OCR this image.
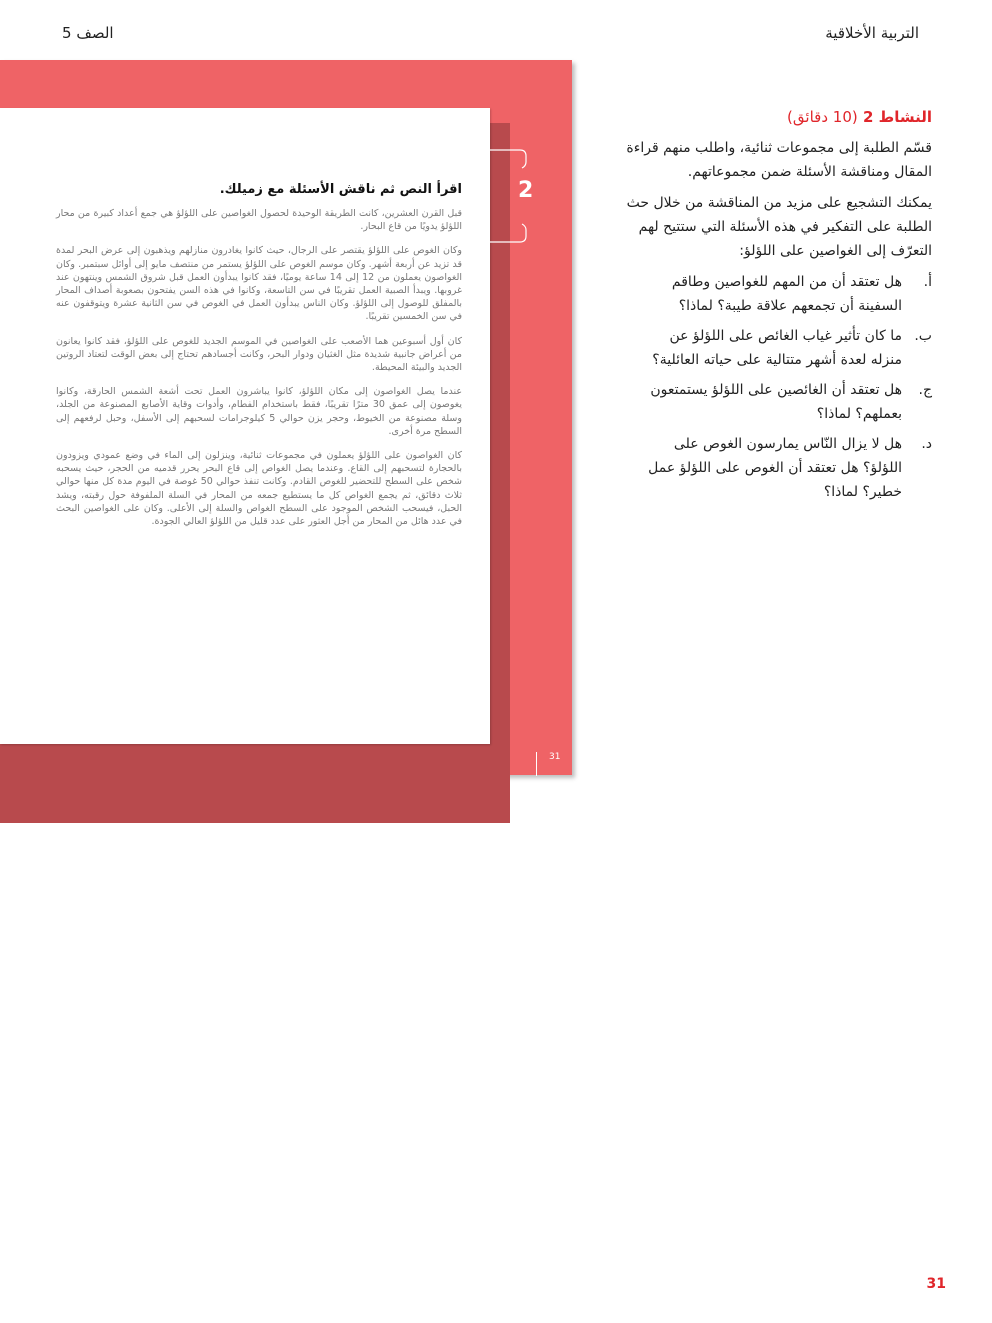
التربية الأخلاقية
الصف 5

اقرأ النص ثم ناقش الأسئلة مع زميلك.

قبل القرن العشرين، كانت الطريقة الوحيدة لحصول الغواصين على اللؤلؤ هي جمع أعداد كبيرة من محار اللؤلؤ يدويًا من قاع البحار.

وكان الغوص على اللؤلؤ يقتصر على الرجال، حيث كانوا يغادرون منازلهم ويذهبون إلى عرض البحر لمدة قد تزيد عن أربعة أشهر. وكان موسم الغوص على اللؤلؤ يستمر من منتصف مايو إلى أوائل سبتمبر. وكان الغواصون يعملون من 12 إلى 14 ساعة يوميًا، فقد كانوا يبدأون العمل قبل شروق الشمس وينتهون عند غروبها. ويبدأ الصبية العمل تقريبًا في سن التاسعة، وكانوا في هذه السن يفتحون بصعوبة أصداف المحار بالمفلق للوصول إلى اللؤلؤ. وكان الناس يبدأون العمل في الغوص في سن الثانية عشرة ويتوقفون عنه في سن الخمسين تقريبًا.

كان أول أسبوعين هما الأصعب على الغواصين في الموسم الجديد للغوص على اللؤلؤ، فقد كانوا يعانون من أعراض جانبية شديدة مثل الغثيان ودوار البحر، وكانت أجسادهم تحتاج إلى بعض الوقت لتعتاد الروتين الجديد والبيئة المحيطة.

عندما يصل الغواصون إلى مكان اللؤلؤ، كانوا يباشرون العمل تحت أشعة الشمس الحارقة، وكانوا يغوصون إلى عمق 30 مترًا تقريبًا، فقط باستخدام الفطام، وأدوات وقاية الأصابع المصنوعة من الجلد، وسلة مصنوعة من الخيوط، وحجر يزن حوالي 5 كيلوجرامات لسحبهم إلى الأسفل، وحبل لرفعهم إلى السطح مرة أخرى.

كان الغواصون على اللؤلؤ يعملون في مجموعات ثنائية، وينزلون إلى الماء في وضع عمودي ويزودون بالحجارة لتسحبهم إلى القاع. وعندما يصل الغواص إلى قاع البحر يحرر قدميه من الحجر، حيث يسحبه شخص على السطح للتحضير للغوص القادم. وكانت تنفذ حوالي 50 غوصة في اليوم مدة كل منها حوالي ثلاث دقائق، ثم يجمع الغواص كل ما يستطيع جمعه من المحار في السلة الملفوفة حول رقبته، ويشد الحبل، فيسحب الشخص الموجود على السطح الغواص والسلة إلى الأعلى. وكان على الغواصين البحث في عدد هائل من المحار من أجل العثور على عدد قليل من اللؤلؤ العالي الجودة.

2
31

النشاط 2 (10 دقائق)

قسّم الطلبة إلى مجموعات ثنائية، واطلب منهم قراءة المقال ومناقشة الأسئلة ضمن مجموعاتهم.

يمكنك التشجيع على مزيد من المناقشة من خلال حث الطلبة على التفكير في هذه الأسئلة التي ستتيح لهم التعرّف إلى الغواصين على اللؤلؤ:

أ.
هل تعتقد أن من المهم للغواصين وطاقم السفينة أن تجمعهم علاقة طيبة؟ لماذا؟
ب.
ما كان تأثير غياب الغائص على اللؤلؤ عن منزله لعدة أشهر متتالية على حياته العائلية؟
ج.
هل تعتقد أن الغائصين على اللؤلؤ يستمتعون بعملهم؟ لماذا؟
د.
هل لا يزال النّاس يمارسون الغوص على اللؤلؤ؟ هل تعتقد أن الغوص على اللؤلؤ عمل خطير؟ لماذا؟
31
